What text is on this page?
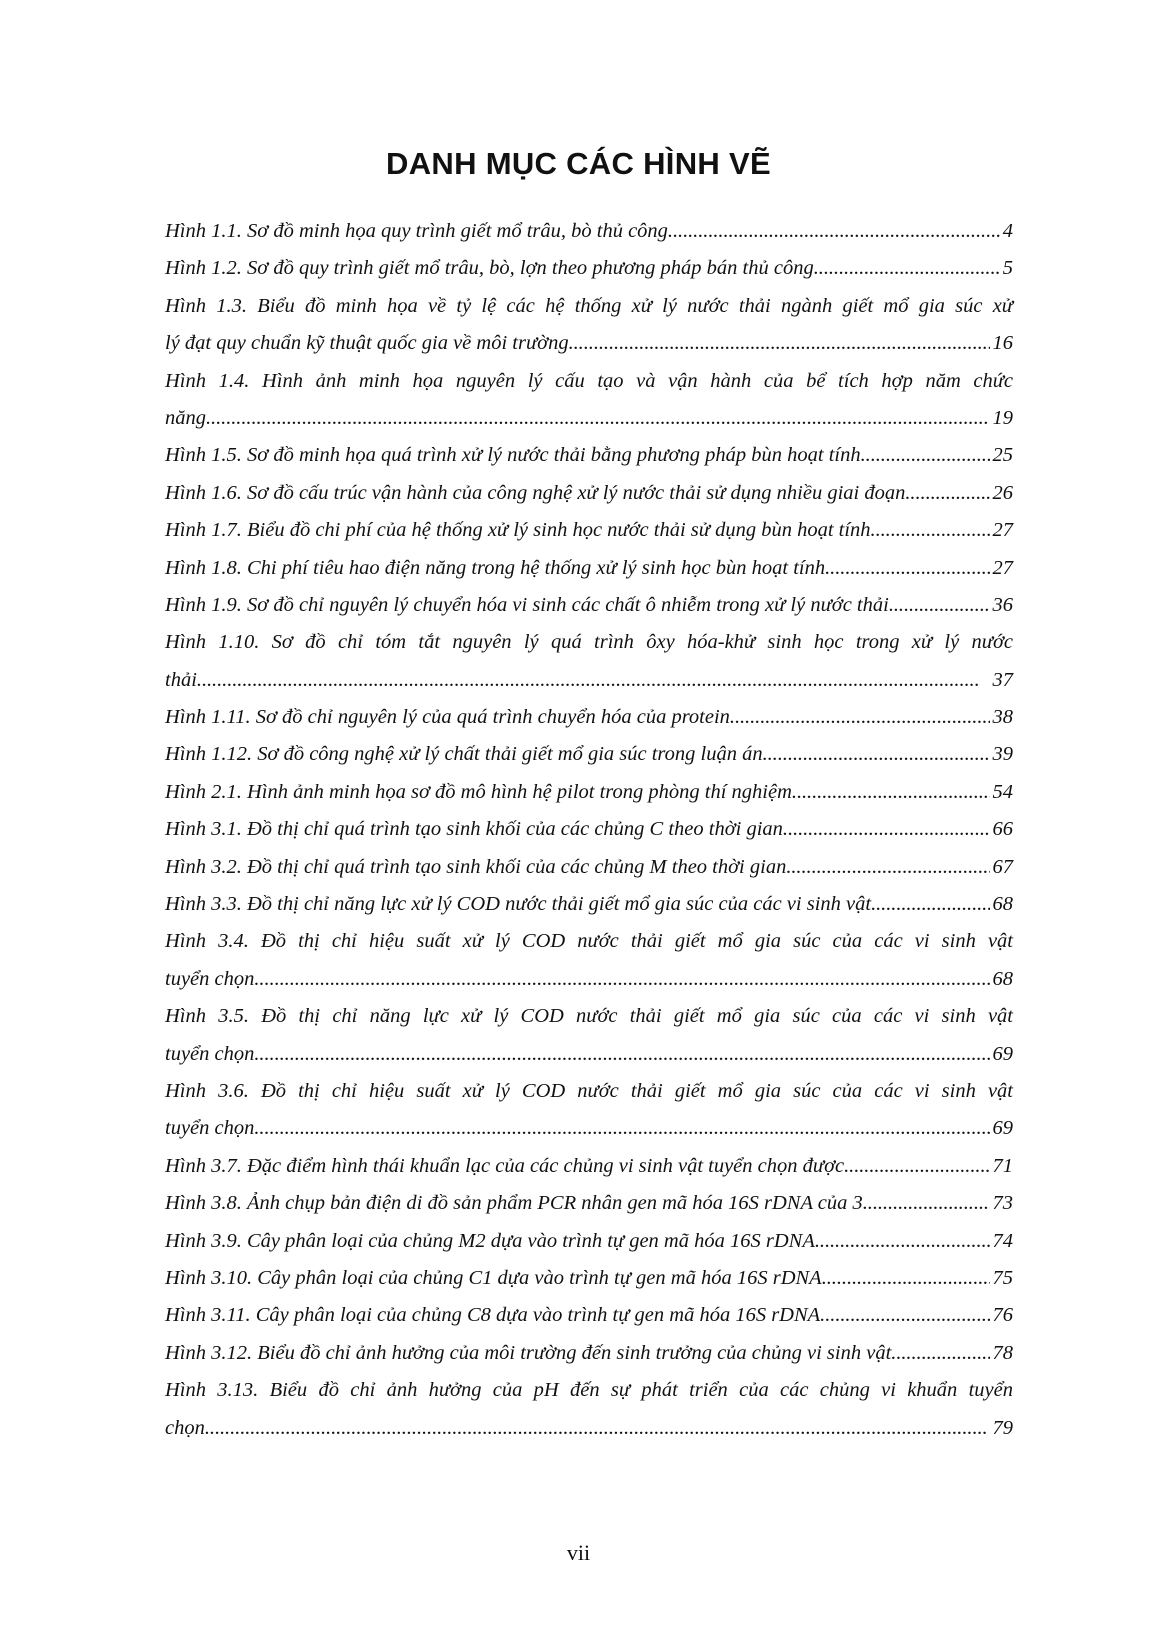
DANH MỤC CÁC HÌNH VẼ
Hình 1.1. Sơ đồ minh họa quy trình giết mổ trâu, bò thủ công . . .	4
Hình 1.2. Sơ đồ quy trình giết mổ trâu, bò, lợn theo phương pháp bán thủ công . . .	5
Hình 1.3. Biểu đồ minh họa về tỷ lệ các hệ thống xử lý nước thải ngành giết mổ gia súc xử
lý đạt quy chuẩn kỹ thuật quốc gia về môi trường . . .	16
Hình 1.4. Hình ảnh minh họa nguyên lý cấu tạo và vận hành của bể tích hợp năm chức
năng . . .	19
Hình 1.5. Sơ đồ minh họa quá trình xử lý nước thải bằng phương pháp bùn hoạt tính . . .	25
Hình 1.6. Sơ đồ cấu trúc vận hành của công nghệ xử lý nước thải sử dụng nhiều giai đoạn . . .	26
Hình 1.7. Biểu đồ chi phí của hệ thống xử lý sinh học nước thải sử dụng bùn hoạt tính . . .	27
Hình 1.8. Chi phí tiêu hao điện năng trong hệ thống xử lý sinh học bùn hoạt tính . . .	27
Hình 1.9. Sơ đồ chỉ nguyên lý chuyển hóa vi sinh các chất ô nhiễm trong xử lý nước thải . . .	36
Hình 1.10. Sơ đồ chỉ tóm tắt nguyên lý quá trình ôxy hóa-khử sinh học trong xử lý nước
thải . . .	37
Hình 1.11. Sơ đồ chỉ nguyên lý của quá trình chuyển hóa của protein . . .	38
Hình 1.12. Sơ đồ công nghệ xử lý chất thải giết mổ gia súc trong luận án . . .	39
Hình 2.1. Hình ảnh minh họa sơ đồ mô hình hệ pilot trong phòng thí nghiệm . . .	54
Hình 3.1. Đồ thị chỉ quá trình tạo sinh khối của các chủng C theo thời gian . . .	66
Hình 3.2. Đồ thị chỉ quá trình tạo sinh khối của các chủng M theo thời gian . . .	67
Hình 3.3. Đồ thị chỉ năng lực xử lý COD nước thải giết mổ gia súc của các vi sinh vật . . .	68
Hình 3.4. Đồ thị chỉ hiệu suất xử lý COD nước thải giết mổ gia súc của các vi sinh vật
tuyển chọn . . .	68
Hình 3.5. Đồ thị chỉ năng lực xử lý COD nước thải giết mổ gia súc của các vi sinh vật
tuyển chọn . . .	69
Hình 3.6. Đồ thị chỉ hiệu suất xử lý COD nước thải giết mổ gia súc của các vi sinh vật
tuyển chọn . . .	69
Hình 3.7. Đặc điểm hình thái khuẩn lạc của các chủng vi sinh vật tuyển chọn được . . .	71
Hình 3.8. Ảnh chụp bản điện di đồ sản phẩm PCR nhân gen mã hóa 16S rDNA của 3 . . .	73
Hình 3.9. Cây phân loại của chủng M2 dựa vào trình tự gen mã hóa 16S rDNA . . .	74
Hình 3.10. Cây phân loại của chủng C1 dựa vào trình tự gen mã hóa 16S rDNA . . .	75
Hình 3.11. Cây phân loại của chủng C8 dựa vào trình tự gen mã hóa 16S rDNA . . .	76
Hình 3.12. Biểu đồ chỉ ảnh hưởng của môi trường đến sinh trưởng của chủng vi sinh vật . . .	78
Hình 3.13. Biểu đồ chỉ ảnh hưởng của pH đến sự phát triển của các chủng vi khuẩn tuyển
chọn . . .	79
vii
